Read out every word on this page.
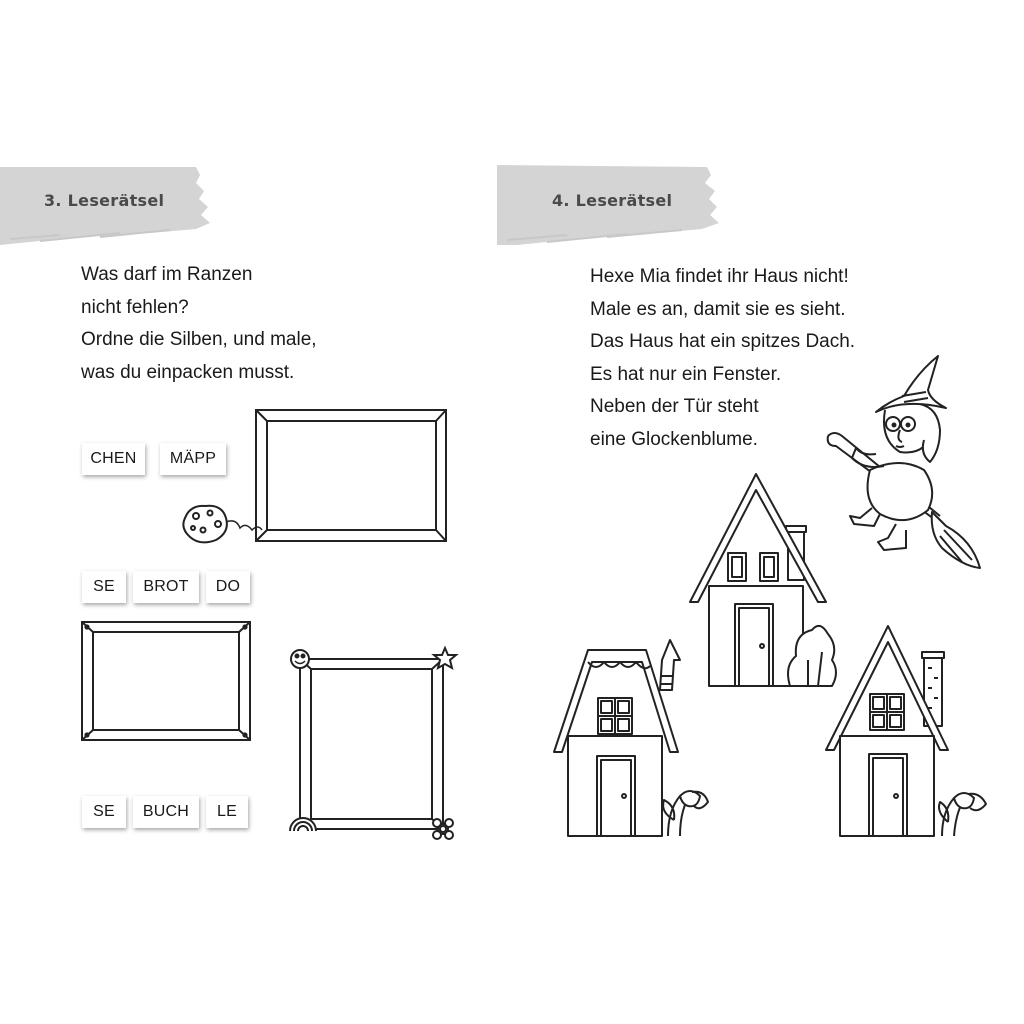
3. Leserätsel
Was darf im Ranzen
nicht fehlen?
Ordne die Silben, und male,
was du einpacken musst.
CHEN	MÄPP
SE	BROT	DO
SE	BUCH	LE
4. Leserätsel
Hexe Mia findet ihr Haus nicht!
Male es an, damit sie es sieht.
Das Haus hat ein spitzes Dach.
Es hat nur ein Fenster.
Neben der Tür steht
eine Glockenblume.
